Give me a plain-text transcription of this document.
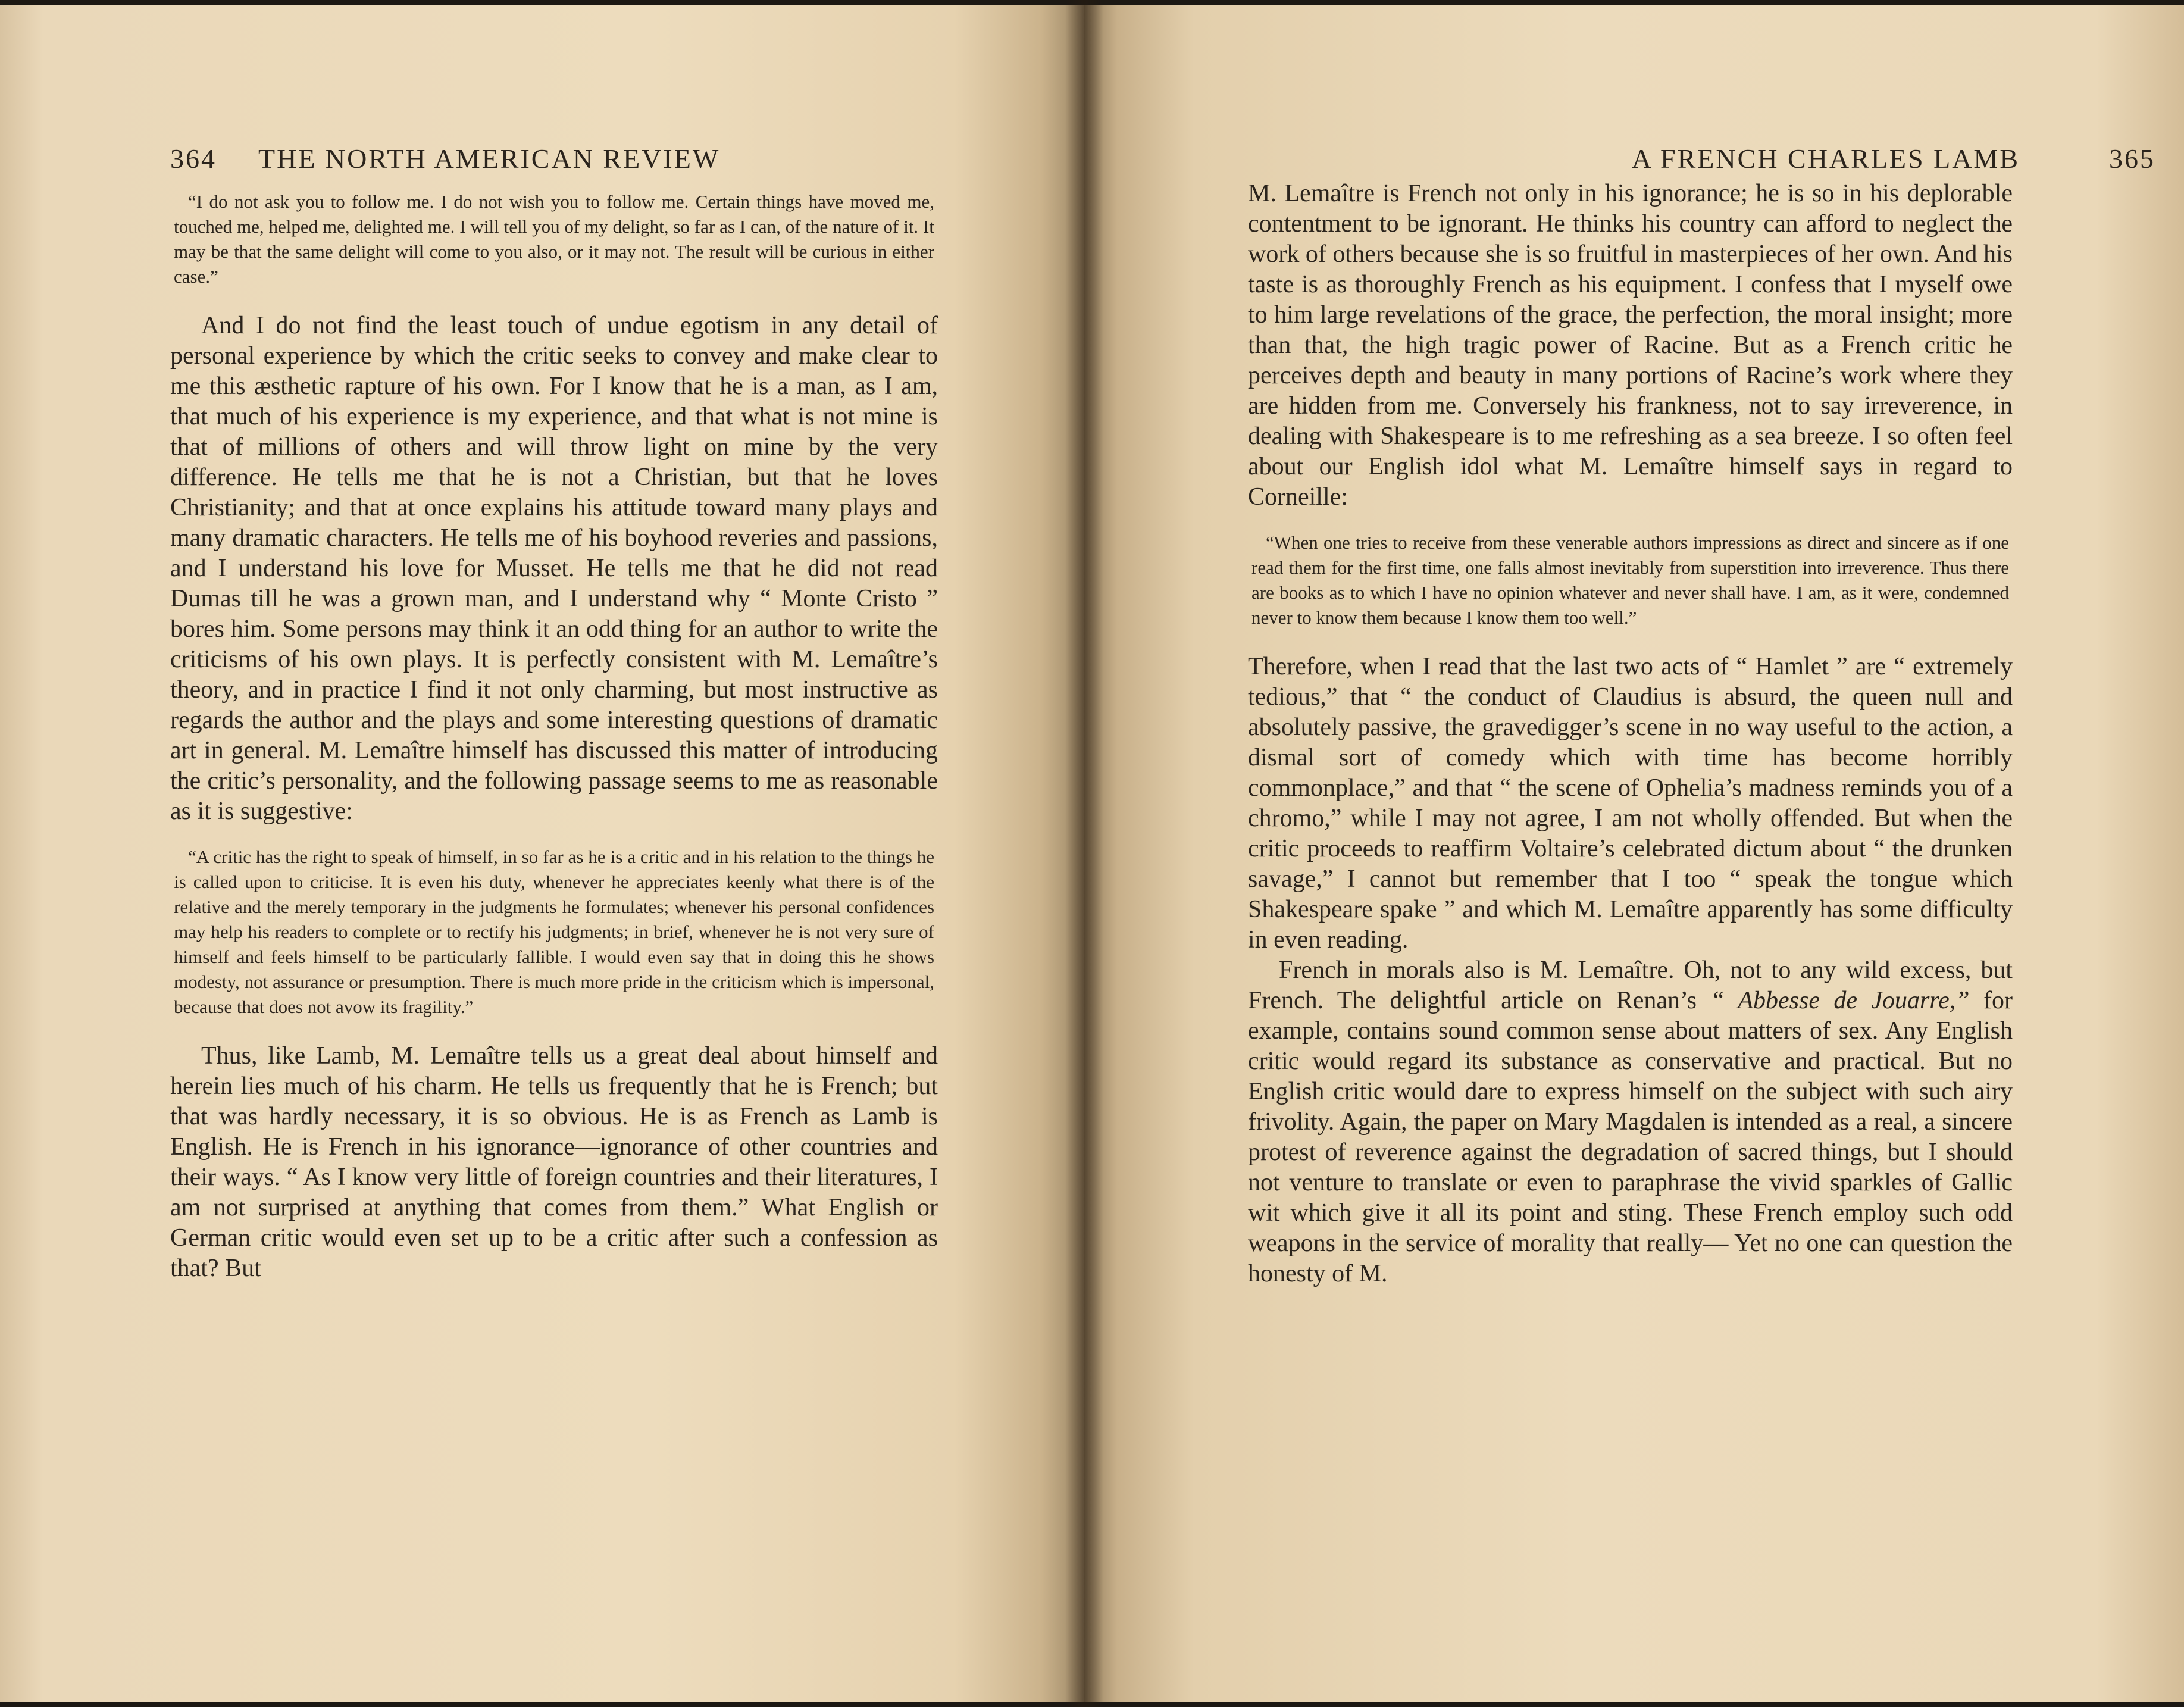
364 THE NORTH AMERICAN REVIEW

“I do not ask you to follow me. I do not wish you to follow me. Certain things have moved me, touched me, helped me, delighted me. I will tell you of my delight, so far as I can, of the nature of it. It may be that the same delight will come to you also, or it may not. The result will be curious in either case.”

And I do not find the least touch of undue egotism in any detail of personal experience by which the critic seeks to convey and make clear to me this æsthetic rapture of his own. For I know that he is a man, as I am, that much of his experience is my experience, and that what is not mine is that of millions of others and will throw light on mine by the very difference. He tells me that he is not a Christian, but that he loves Christianity; and that at once explains his attitude toward many plays and many dramatic characters. He tells me of his boyhood reveries and passions, and I understand his love for Musset. He tells me that he did not read Dumas till he was a grown man, and I understand why “ Monte Cristo ” bores him. Some persons may think it an odd thing for an author to write the criticisms of his own plays. It is perfectly consistent with M. Lemaître’s theory, and in practice I find it not only charming, but most instructive as regards the author and the plays and some interesting questions of dramatic art in general. M. Lemaître himself has discussed this matter of introducing the critic’s personality, and the following passage seems to me as reasonable as it is suggestive:

“A critic has the right to speak of himself, in so far as he is a critic and in his relation to the things he is called upon to criticise. It is even his duty, whenever he appreciates keenly what there is of the relative and the merely temporary in the judgments he formulates; whenever his personal confidences may help his readers to complete or to rectify his judgments; in brief, whenever he is not very sure of himself and feels himself to be particularly fallible. I would even say that in doing this he shows modesty, not assurance or presumption. There is much more pride in the criticism which is impersonal, because that does not avow its fragility.”

Thus, like Lamb, M. Lemaître tells us a great deal about himself and herein lies much of his charm. He tells us frequently that he is French; but that was hardly necessary, it is so obvious. He is as French as Lamb is English. He is French in his ignorance—ignorance of other countries and their ways. “ As I know very little of foreign countries and their literatures, I am not surprised at anything that comes from them.” What English or German critic would even set up to be a critic after such a confession as that? But

A FRENCH CHARLES LAMB	365

M. Lemaître is French not only in his ignorance; he is so in his deplorable contentment to be ignorant. He thinks his country can afford to neglect the work of others because she is so fruitful in masterpieces of her own. And his taste is as thoroughly French as his equipment. I confess that I myself owe to him large revelations of the grace, the perfection, the moral insight; more than that, the high tragic power of Racine. But as a French critic he perceives depth and beauty in many portions of Racine’s work where they are hidden from me. Conversely his frankness, not to say irreverence, in dealing with Shakespeare is to me refreshing as a sea breeze. I so often feel about our English idol what M. Lemaître himself says in regard to Corneille:

“When one tries to receive from these venerable authors impressions as direct and sincere as if one read them for the first time, one falls almost inevitably from superstition into irreverence. Thus there are books as to which I have no opinion whatever and never shall have. I am, as it were, condemned never to know them because I know them too well.”

Therefore, when I read that the last two acts of “ Hamlet ” are “ extremely tedious,” that “ the conduct of Claudius is absurd, the queen null and absolutely passive, the gravedigger’s scene in no way useful to the action, a dismal sort of comedy which with time has become horribly commonplace,” and that “ the scene of Ophelia’s madness reminds you of a chromo,” while I may not agree, I am not wholly offended. But when the critic proceeds to reaffirm Voltaire’s celebrated dictum about “ the drunken savage,” I cannot but remember that I too “ speak the tongue which Shakespeare spake ” and which M. Lemaître apparently has some difficulty in even reading.

French in morals also is M. Lemaître. Oh, not to any wild excess, but French. The delightful article on Renan’s “ Abbesse de Jouarre,” for example, contains sound common sense about matters of sex. Any English critic would regard its substance as conservative and practical. But no English critic would dare to express himself on the subject with such airy frivolity. Again, the paper on Mary Magdalen is intended as a real, a sincere protest of reverence against the degradation of sacred things, but I should not venture to translate or even to paraphrase the vivid sparkles of Gallic wit which give it all its point and sting. These French employ such odd weapons in the service of morality that really— Yet no one can question the honesty of M.
